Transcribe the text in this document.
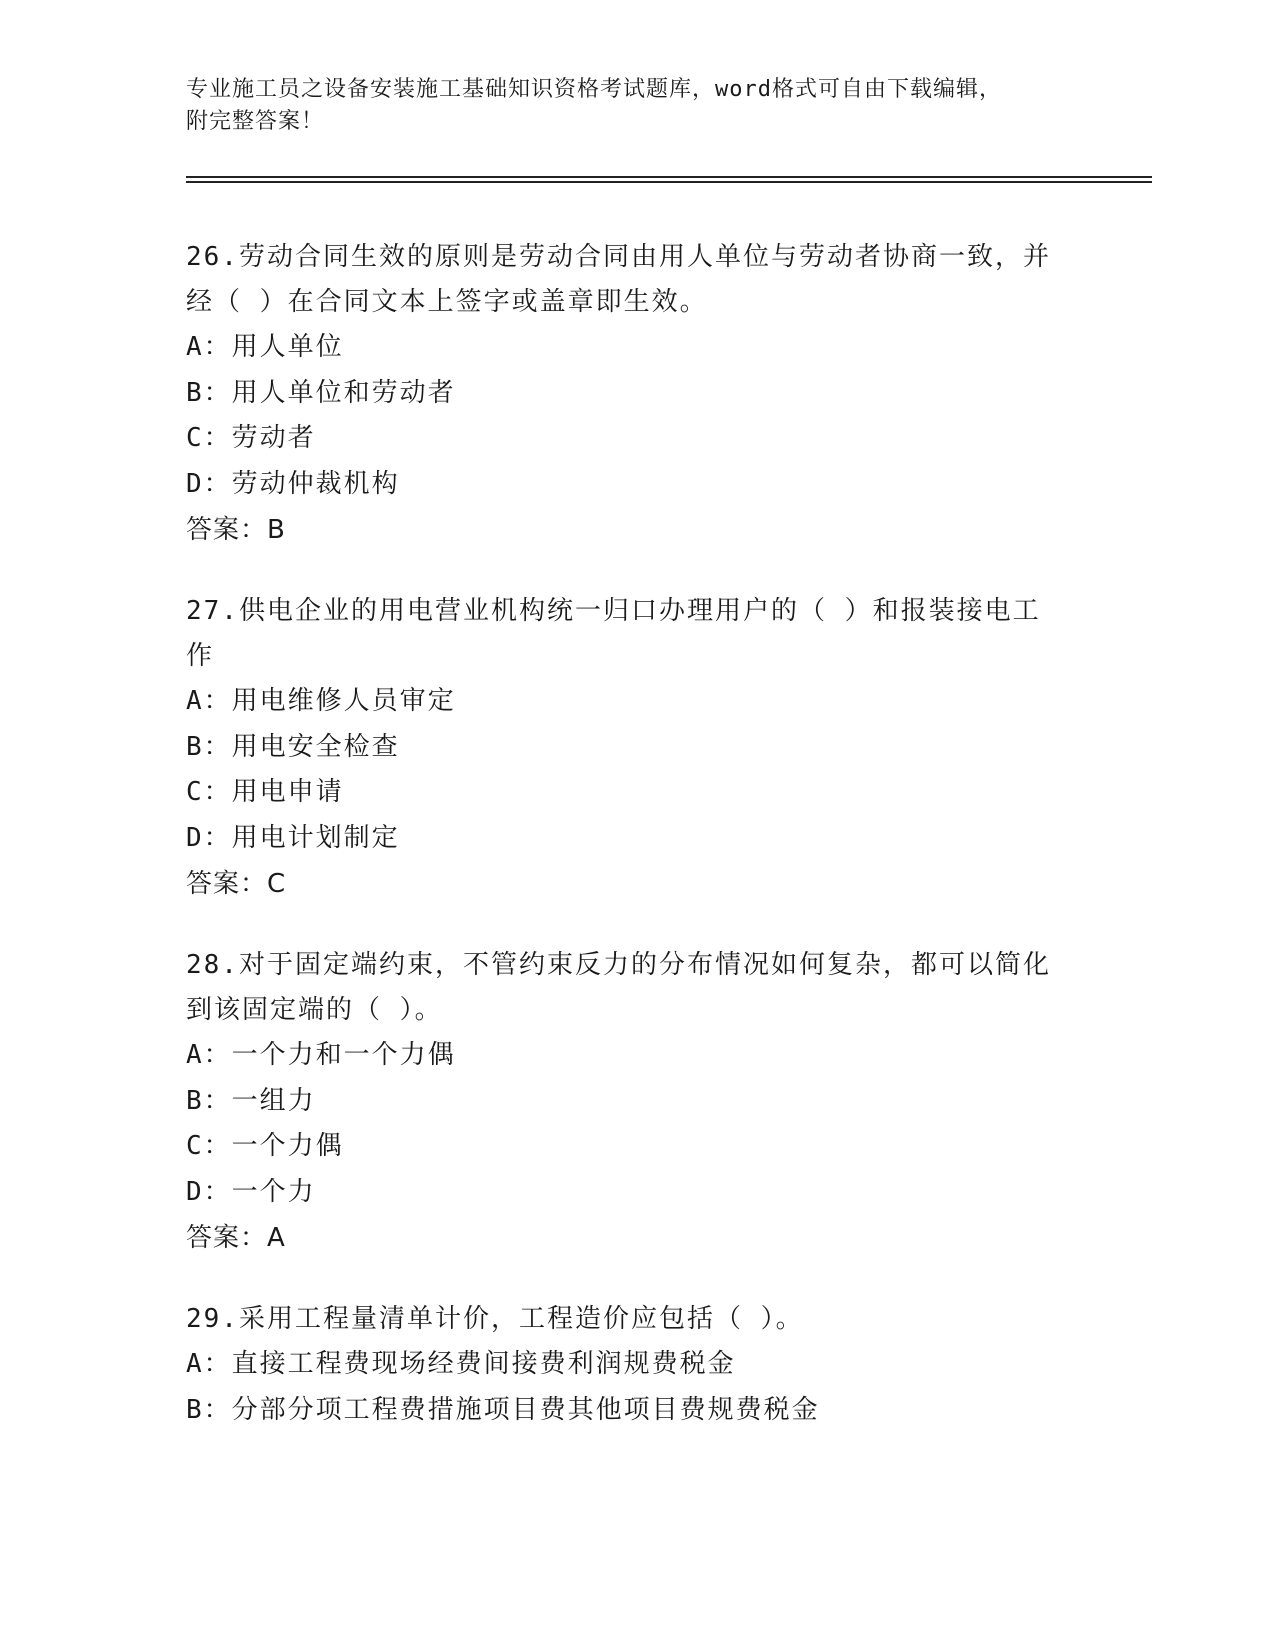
专业施工员之设备安装施工基础知识资格考试题库，word格式可自由下载编辑，
附完整答案！
26.劳动合同生效的原则是劳动合同由用人单位与劳动者协商一致，并
经（ ）在合同文本上签字或盖章即生效。
A：用人单位
B：用人单位和劳动者
C：劳动者
D：劳动仲裁机构
答案：B
27.供电企业的用电营业机构统一归口办理用户的（ ）和报装接电工
作
A：用电维修人员审定
B：用电安全检查
C：用电申请
D：用电计划制定
答案：C
28.对于固定端约束，不管约束反力的分布情况如何复杂，都可以简化
到该固定端的（ ）。
A：一个力和一个力偶
B：一组力
C：一个力偶
D：一个力
答案：A
29.采用工程量清单计价，工程造价应包括（ ）。
A：直接工程费现场经费间接费利润规费税金
B：分部分项工程费措施项目费其他项目费规费税金
